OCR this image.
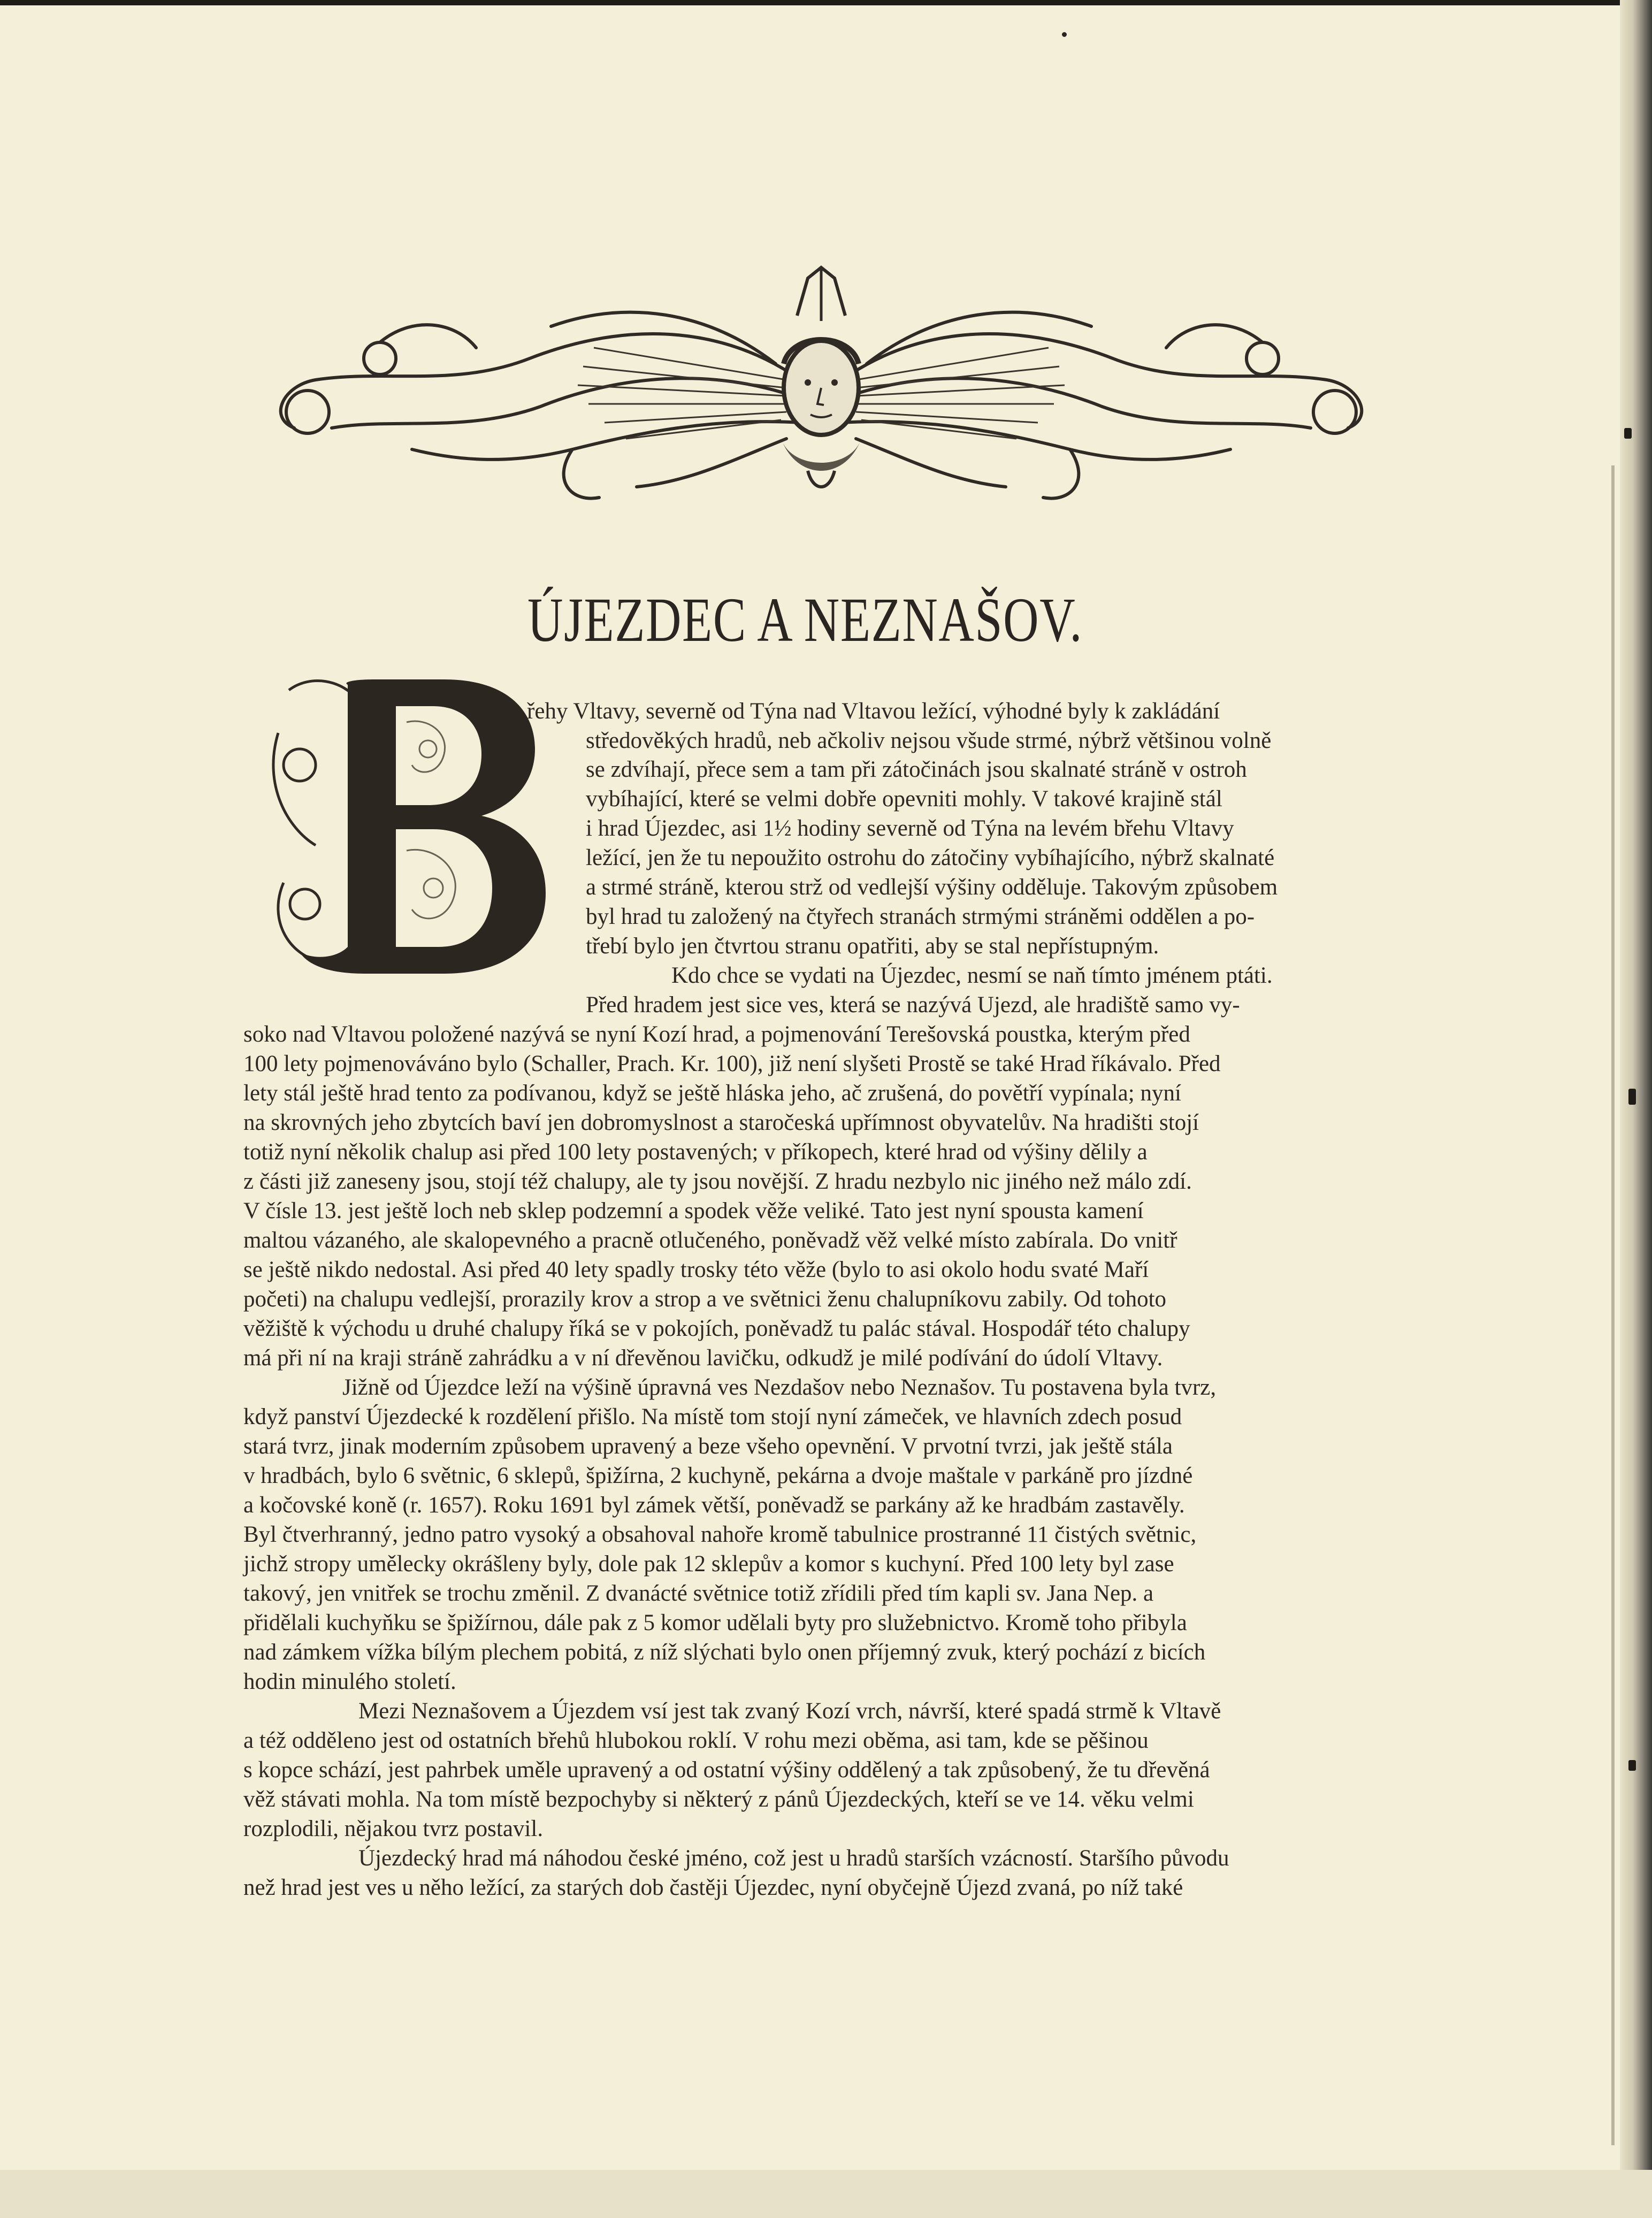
ÚJEZDEC A NEZNAŠOV.
řehy Vltavy, severně od Týna nad Vltavou ležící, výhodné byly k zakládání
středověkých hradů, neb ačkoliv nejsou všude strmé, nýbrž většinou volně
se zdvíhají, přece sem a tam při zátočinách jsou skalnaté stráně v ostroh
vybíhající, které se velmi dobře opevniti mohly. V takové krajině stál
i hrad Újezdec, asi 1½ hodiny severně od Týna na levém břehu Vltavy
ležící, jen že tu nepoužito ostrohu do zátočiny vybíhajícího, nýbrž skalnaté
a strmé stráně, kterou strž od vedlejší výšiny odděluje. Takovým způsobem
byl hrad tu založený na čtyřech stranách strmými stráněmi oddělen a po-
třebí bylo jen čtvrtou stranu opatřiti, aby se stal nepřístupným.
Kdo chce se vydati na Újezdec, nesmí se naň tímto jménem ptáti.
Před hradem jest sice ves, která se nazývá Ujezd, ale hradiště samo vy-
soko nad Vltavou položené nazývá se nyní Kozí hrad, a pojmenování Terešovská poustka, kterým před
100 lety pojmenováváno bylo (Schaller, Prach. Kr. 100), již není slyšeti Prostě se také Hrad říkávalo. Před
lety stál ještě hrad tento za podívanou, když se ještě hláska jeho, ač zrušená, do povětří vypínala; nyní
na skrovných jeho zbytcích baví jen dobromyslnost a staročeská upřímnost obyvatelův. Na hradišti stojí
totiž nyní několik chalup asi před 100 lety postavených; v příkopech, které hrad od výšiny dělily a
z části již zaneseny jsou, stojí též chalupy, ale ty jsou novější. Z hradu nezbylo nic jiného než málo zdí.
V čísle 13. jest ještě loch neb sklep podzemní a spodek věže veliké. Tato jest nyní spousta kamení
maltou vázaného, ale skalopevného a pracně otlučeného, poněvadž věž velké místo zabírala. Do vnitř
se ještě nikdo nedostal. Asi před 40 lety spadly trosky této věže (bylo to asi okolo hodu svaté Maří
početi) na chalupu vedlejší, prorazily krov a strop a ve světnici ženu chalupníkovu zabily. Od tohoto
věžiště k východu u druhé chalupy říká se v pokojích, poněvadž tu palác stával. Hospodář této chalupy
má při ní na kraji stráně zahrádku a v ní dřevěnou lavičku, odkudž je milé podívání do údolí Vltavy.
Jižně od Újezdce leží na výšině úpravná ves Nezdašov nebo Neznašov. Tu postavena byla tvrz,
když panství Újezdecké k rozdělení přišlo. Na místě tom stojí nyní zámeček, ve hlavních zdech posud
stará tvrz, jinak moderním způsobem upravený a beze všeho opevnění. V prvotní tvrzi, jak ještě stála
v hradbách, bylo 6 světnic, 6 sklepů, špižírna, 2 kuchyně, pekárna a dvoje maštale v parkáně pro jízdné
a kočovské koně (r. 1657). Roku 1691 byl zámek větší, poněvadž se parkány až ke hradbám zastavěly.
Byl čtverhranný, jedno patro vysoký a obsahoval nahoře kromě tabulnice prostranné 11 čistých světnic,
jichž stropy umělecky okrášleny byly, dole pak 12 sklepův a komor s kuchyní. Před 100 lety byl zase
takový, jen vnitřek se trochu změnil. Z dvanácté světnice totiž zřídili před tím kapli sv. Jana Nep. a
přidělali kuchyňku se špižírnou, dále pak z 5 komor udělali byty pro služebnictvo. Kromě toho přibyla
nad zámkem vížka bílým plechem pobitá, z níž slýchati bylo onen příjemný zvuk, který pochází z bicích
hodin minulého století.
Mezi Neznašovem a Újezdem vsí jest tak zvaný Kozí vrch, návrší, které spadá strmě k Vltavě
a též odděleno jest od ostatních břehů hlubokou roklí. V rohu mezi oběma, asi tam, kde se pěšinou
s kopce schází, jest pahrbek uměle upravený a od ostatní výšiny oddělený a tak způsobený, že tu dřevěná
věž stávati mohla. Na tom místě bezpochyby si některý z pánů Újezdeckých, kteří se ve 14. věku velmi
rozplodili, nějakou tvrz postavil.
Újezdecký hrad má náhodou české jméno, což jest u hradů starších vzácností. Staršího původu
než hrad jest ves u něho ležící, za starých dob častěji Újezdec, nyní obyčejně Újezd zvaná, po níž také
